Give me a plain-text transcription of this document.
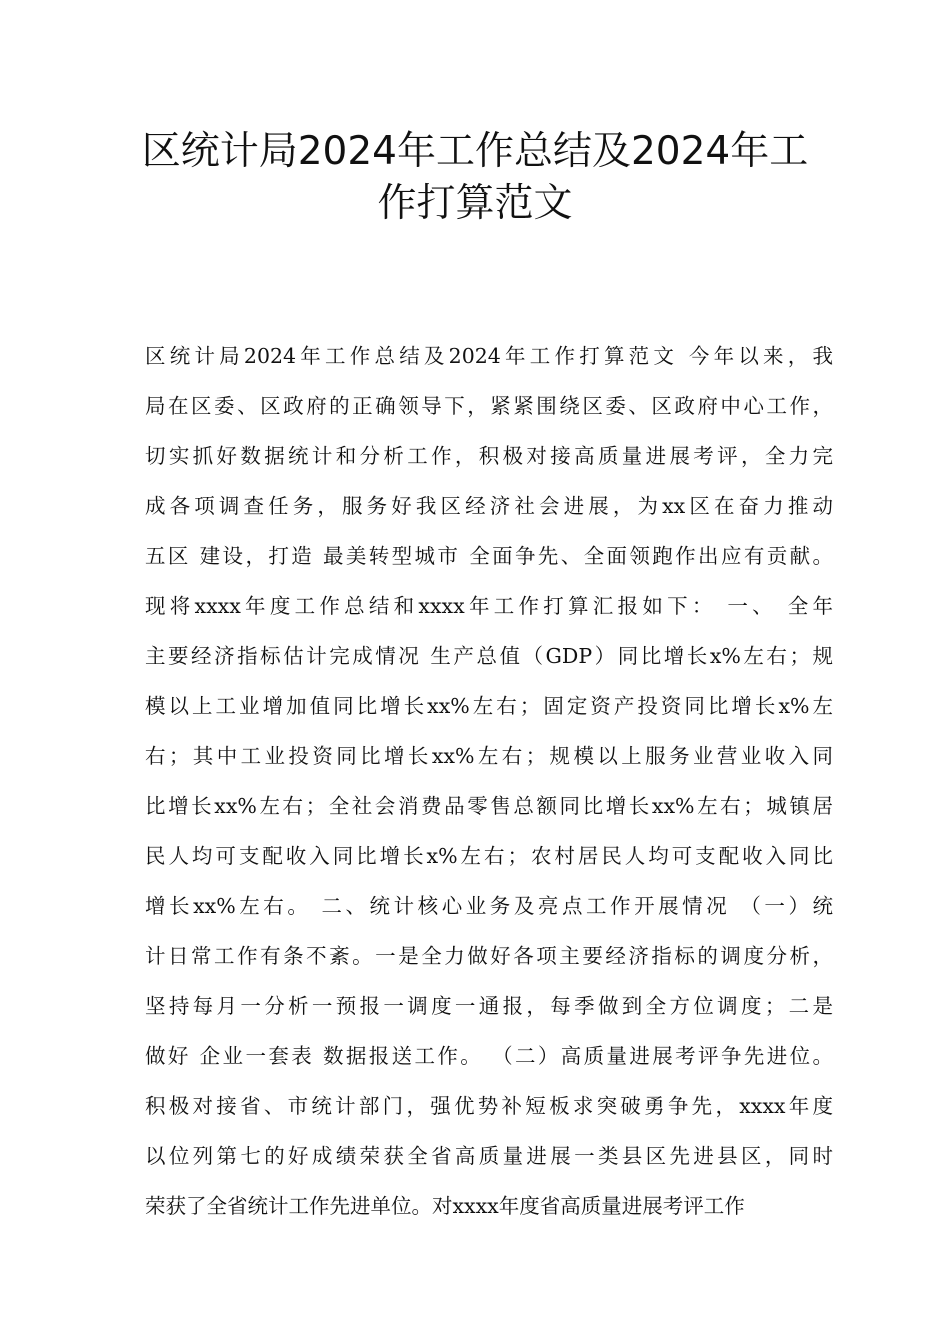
区统计局2024年工作总结及2024年工
作打算范文
区统计局2024年工作总结及2024年工作打算范文 今年以来，我
局在区委、区政府的正确领导下，紧紧围绕区委、区政府中心工作，
切实抓好数据统计和分析工作，积极对接高质量进展考评，全力完
成各项调查任务，服务好我区经济社会进展，为xx区在奋力推动
五区 建设，打造 最美转型城市 全面争先、全面领跑作出应有贡献。
现将xxxx年度工作总结和xxxx年工作打算汇报如下： 一、 全年
主要经济指标估计完成情况 生产总值（GDP）同比增长x%左右；规
模以上工业增加值同比增长xx%左右；固定资产投资同比增长x%左
右；其中工业投资同比增长xx%左右；规模以上服务业营业收入同
比增长xx%左右；全社会消费品零售总额同比增长xx%左右；城镇居
民人均可支配收入同比增长x%左右；农村居民人均可支配收入同比
增长xx%左右。 二、统计核心业务及亮点工作开展情况 （一）统
计日常工作有条不紊。一是全力做好各项主要经济指标的调度分析，
坚持每月一分析一预报一调度一通报，每季做到全方位调度；二是
做好 企业一套表 数据报送工作。 （二）高质量进展考评争先进位。
积极对接省、市统计部门，强优势补短板求突破勇争先，xxxx年度
以位列第七的好成绩荣获全省高质量进展一类县区先进县区，同时
荣获了全省统计工作先进单位。对xxxx年度省高质量进展考评工作
